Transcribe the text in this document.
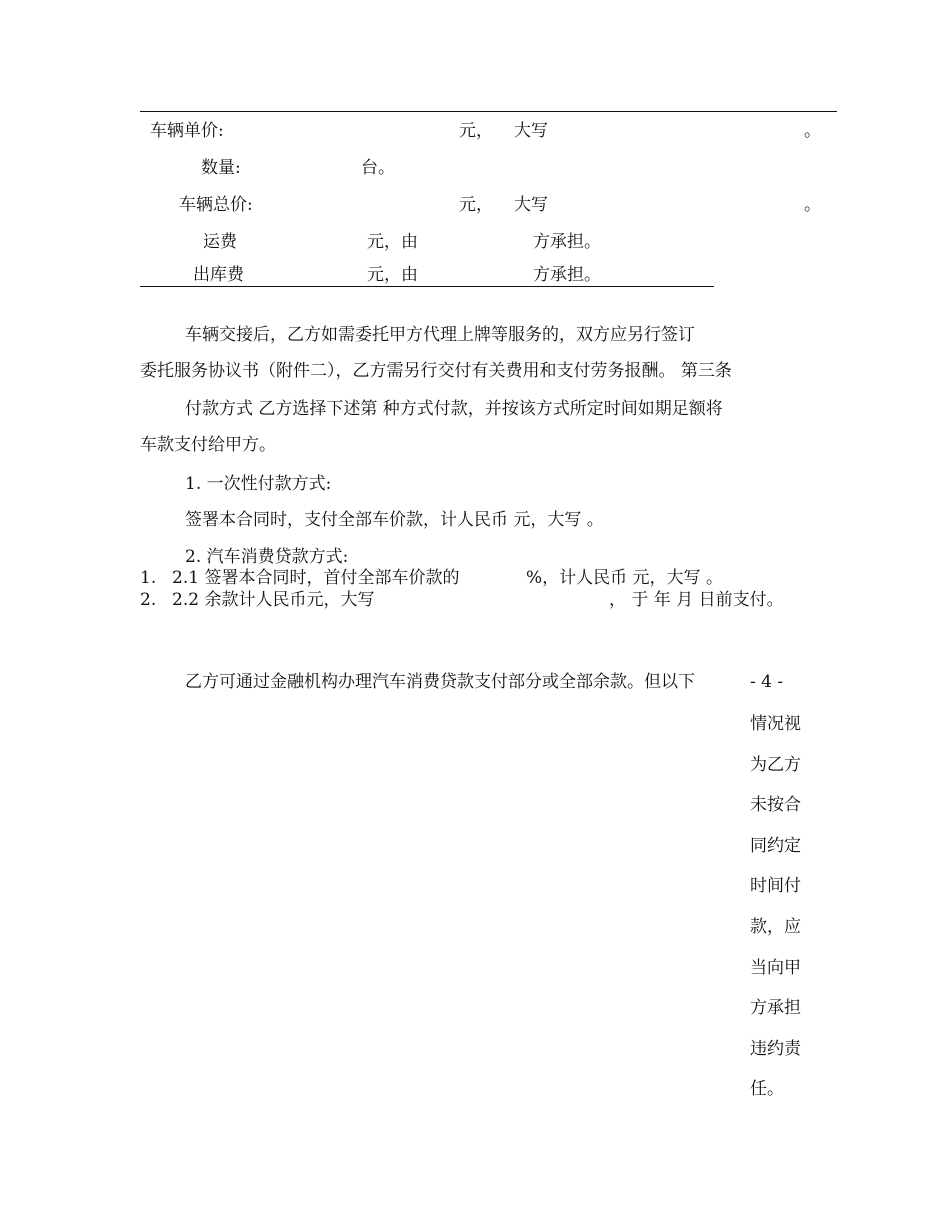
车辆单价:	元， 大写	。
数量:	台。
车辆总价:	元， 大写	。
运费	元，由	方承担。
出库费	元，由	方承担。
车辆交接后，乙方如需委托甲方代理上牌等服务的，双方应另行签订
委托服务协议书（附件二），乙方需另行交付有关费用和支付劳务报酬。 第三条
付款方式 乙方选择下述第 种方式付款，并按该方式所定时间如期足额将
车款支付给甲方。
1. 一次性付款方式:
签署本合同时，支付全部车价款，计人民币 元，大写 。
2. 汽车消费贷款方式:
1. 2.1 签署本合同时，首付全部车价款的	%，计人民币 元，大写 。
2. 2.2 余款计人民币元，大写	， 于 年 月 日前支付。
乙方可通过金融机构办理汽车消费贷款支付部分或全部余款。但以下	- 4 -
情况视
为乙方
未按合
同约定
时间付
款，应
当向甲
方承担
违约责
任。
